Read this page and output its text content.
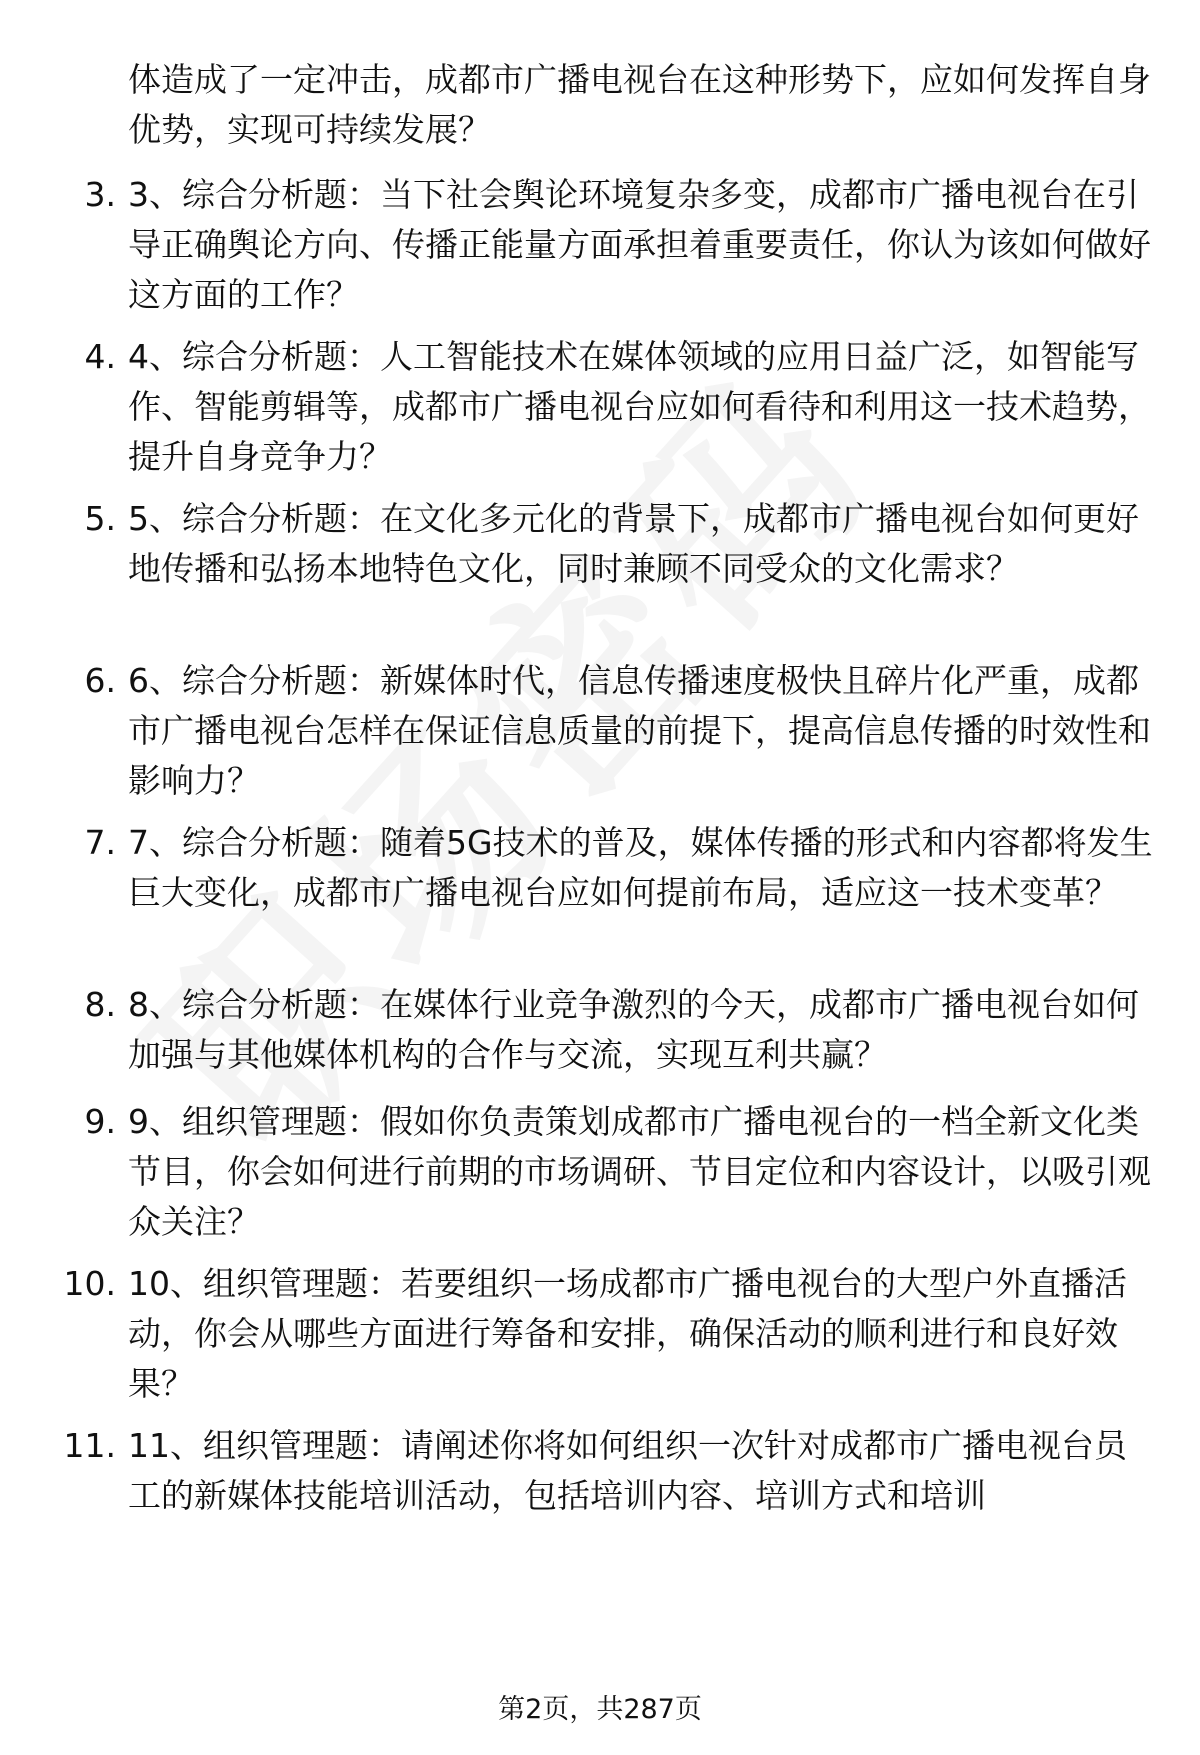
体造成了一定冲击，成都市广播电视台在这种形势下，应如何发挥自身优势，实现可持续发展？
3. 3、综合分析题：当下社会舆论环境复杂多变，成都市广播电视台在引导正确舆论方向、传播正能量方面承担着重要责任，你认为该如何做好这方面的工作？
4. 4、综合分析题：人工智能技术在媒体领域的应用日益广泛，如智能写作、智能剪辑等，成都市广播电视台应如何看待和利用这一技术趋势，提升自身竞争力？
5. 5、综合分析题：在文化多元化的背景下，成都市广播电视台如何更好地传播和弘扬本地特色文化，同时兼顾不同受众的文化需求？
6. 6、综合分析题：新媒体时代，信息传播速度极快且碎片化严重，成都市广播电视台怎样在保证信息质量的前提下，提高信息传播的时效性和影响力？
7. 7、综合分析题：随着5G技术的普及，媒体传播的形式和内容都将发生巨大变化，成都市广播电视台应如何提前布局，适应这一技术变革？
8. 8、综合分析题：在媒体行业竞争激烈的今天，成都市广播电视台如何加强与其他媒体机构的合作与交流，实现互利共赢？
9. 9、组织管理题：假如你负责策划成都市广播电视台的一档全新文化类节目，你会如何进行前期的市场调研、节目定位和内容设计，以吸引观众关注？
10. 10、组织管理题：若要组织一场成都市广播电视台的大型户外直播活动，你会从哪些方面进行筹备和安排，确保活动的顺利进行和良好效果？
11. 11、组织管理题：请阐述你将如何组织一次针对成都市广播电视台员工的新媒体技能培训活动，包括培训内容、培训方式和培训
第2页，共287页
